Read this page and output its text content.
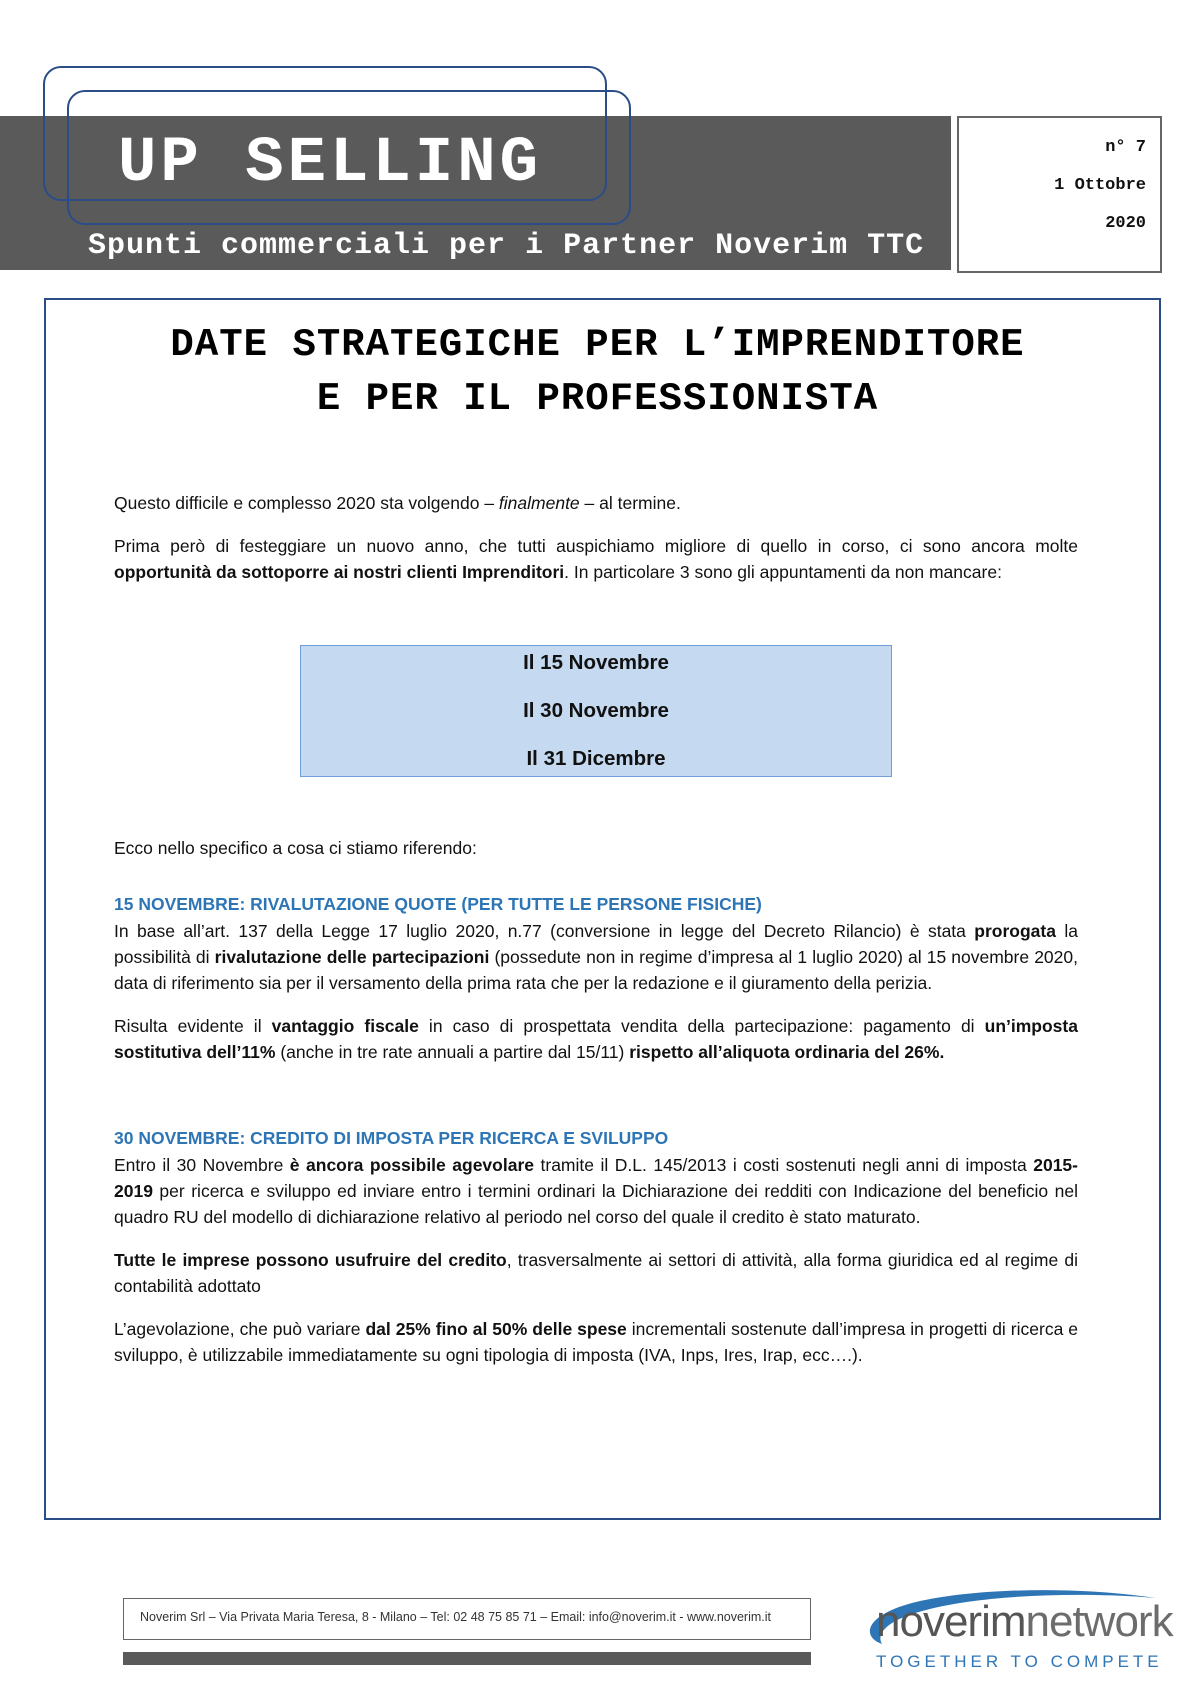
UP SELLING

Spunti commerciali per i Partner Noverim TTC

n° 7
1 Ottobre
2020
DATE STRATEGICHE PER L’IMPRENDITORE
E PER IL PROFESSIONISTA

Questo difficile e complesso 2020 sta volgendo – finalmente – al termine.

Prima però di festeggiare un nuovo anno, che tutti auspichiamo migliore di quello in corso, ci sono ancora molte opportunità da sottoporre ai nostri clienti Imprenditori. In particolare 3 sono gli appuntamenti da non mancare:

Il 15 Novembre
Il 30 Novembre
Il 31 Dicembre

Ecco nello specifico a cosa ci stiamo riferendo:

15 NOVEMBRE: RIVALUTAZIONE QUOTE (PER TUTTE LE PERSONE FISICHE)

In base all’art. 137 della Legge 17 luglio 2020, n.77 (conversione in legge del Decreto Rilancio) è stata prorogata la possibilità di rivalutazione delle partecipazioni (possedute non in regime d’impresa al 1 luglio 2020) al 15 novembre 2020, data di riferimento sia per il versamento della prima rata che per la redazione e il giuramento della perizia.

Risulta evidente il vantaggio fiscale in caso di prospettata vendita della partecipazione: pagamento di un’imposta sostitutiva dell’11% (anche in tre rate annuali a partire dal 15/11) rispetto all’aliquota ordinaria del 26%.

30 NOVEMBRE: CREDITO DI IMPOSTA PER RICERCA E SVILUPPO

Entro il 30 Novembre è ancora possibile agevolare tramite il D.L. 145/2013 i costi sostenuti negli anni di imposta 2015-2019 per ricerca e sviluppo ed inviare entro i termini ordinari la Dichiarazione dei redditi con Indicazione del beneficio nel quadro RU del modello di dichiarazione relativo al periodo nel corso del quale il credito è stato maturato.

Tutte le imprese possono usufruire del credito, trasversalmente ai settori di attività, alla forma giuridica ed al regime di contabilità adottato

L’agevolazione, che può variare dal 25% fino al 50% delle spese incrementali sostenute dall’impresa in progetti di ricerca e sviluppo, è utilizzabile immediatamente su ogni tipologia di imposta (IVA, Inps, Ires, Irap, ecc….).

Noverim Srl – Via Privata Maria Teresa, 8 - Milano – Tel: 02 48 75 85 71 – Email: info@noverim.it - www.noverim.it noverimnetwork
TOGETHER TO COMPETE
